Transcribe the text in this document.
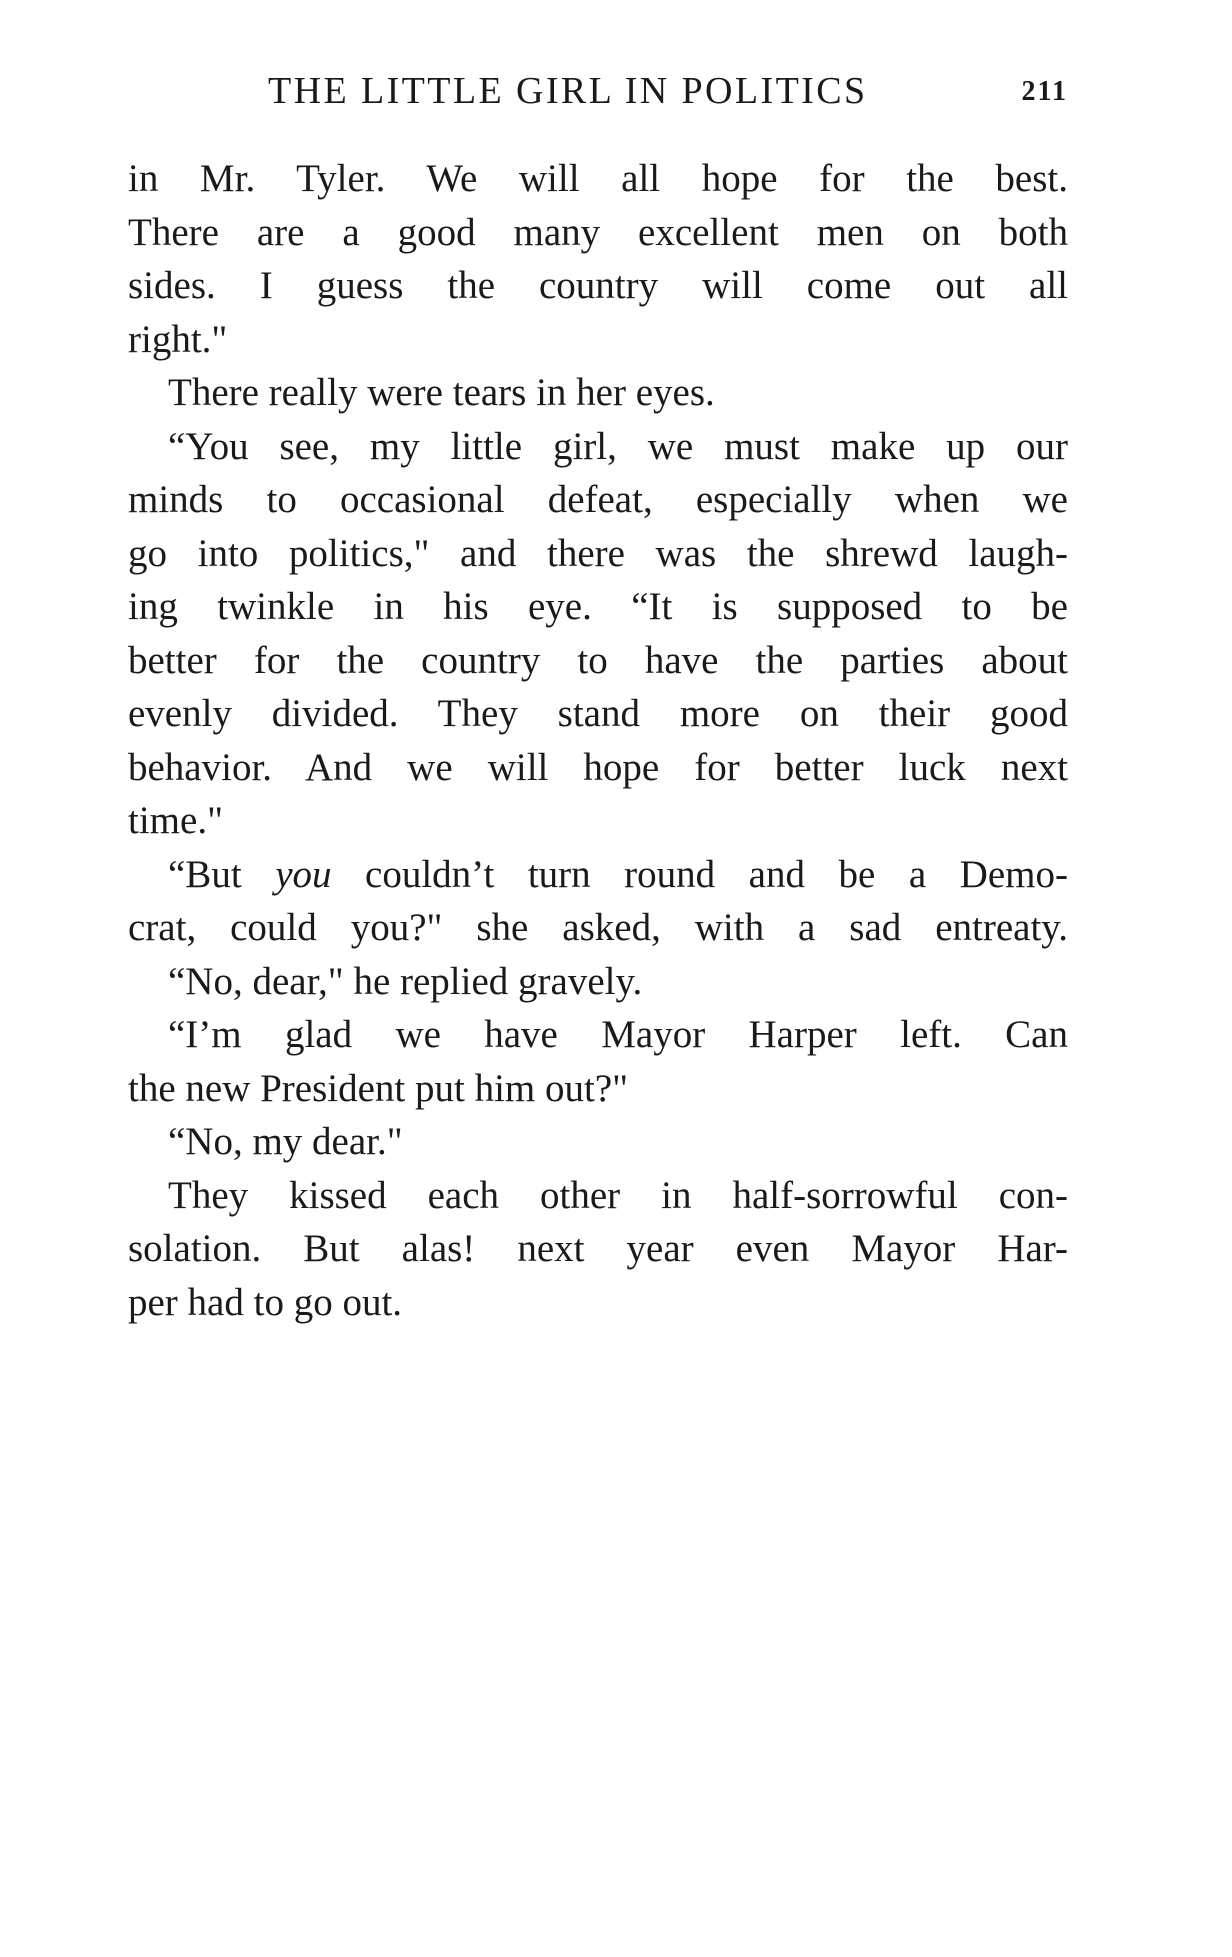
THE LITTLE GIRL IN POLITICS	211
in Mr. Tyler. We will all hope for the best.
There are a good many excellent men on both
sides. I guess the country will come out all
right."
There really were tears in her eyes.
“You see, my little girl, we must make up our
minds to occasional defeat, especially when we
go into politics," and there was the shrewd laugh-
ing twinkle in his eye. “It is supposed to be
better for the country to have the parties about
evenly divided. They stand more on their good
behavior. And we will hope for better luck next
time."
“But you couldn’t turn round and be a Demo-
crat, could you?" she asked, with a sad entreaty.
“No, dear," he replied gravely.
“I’m glad we have Mayor Harper left. Can
the new President put him out?"
“No, my dear."
They kissed each other in half-sorrowful con-
solation. But alas! next year even Mayor Har-
per had to go out.
